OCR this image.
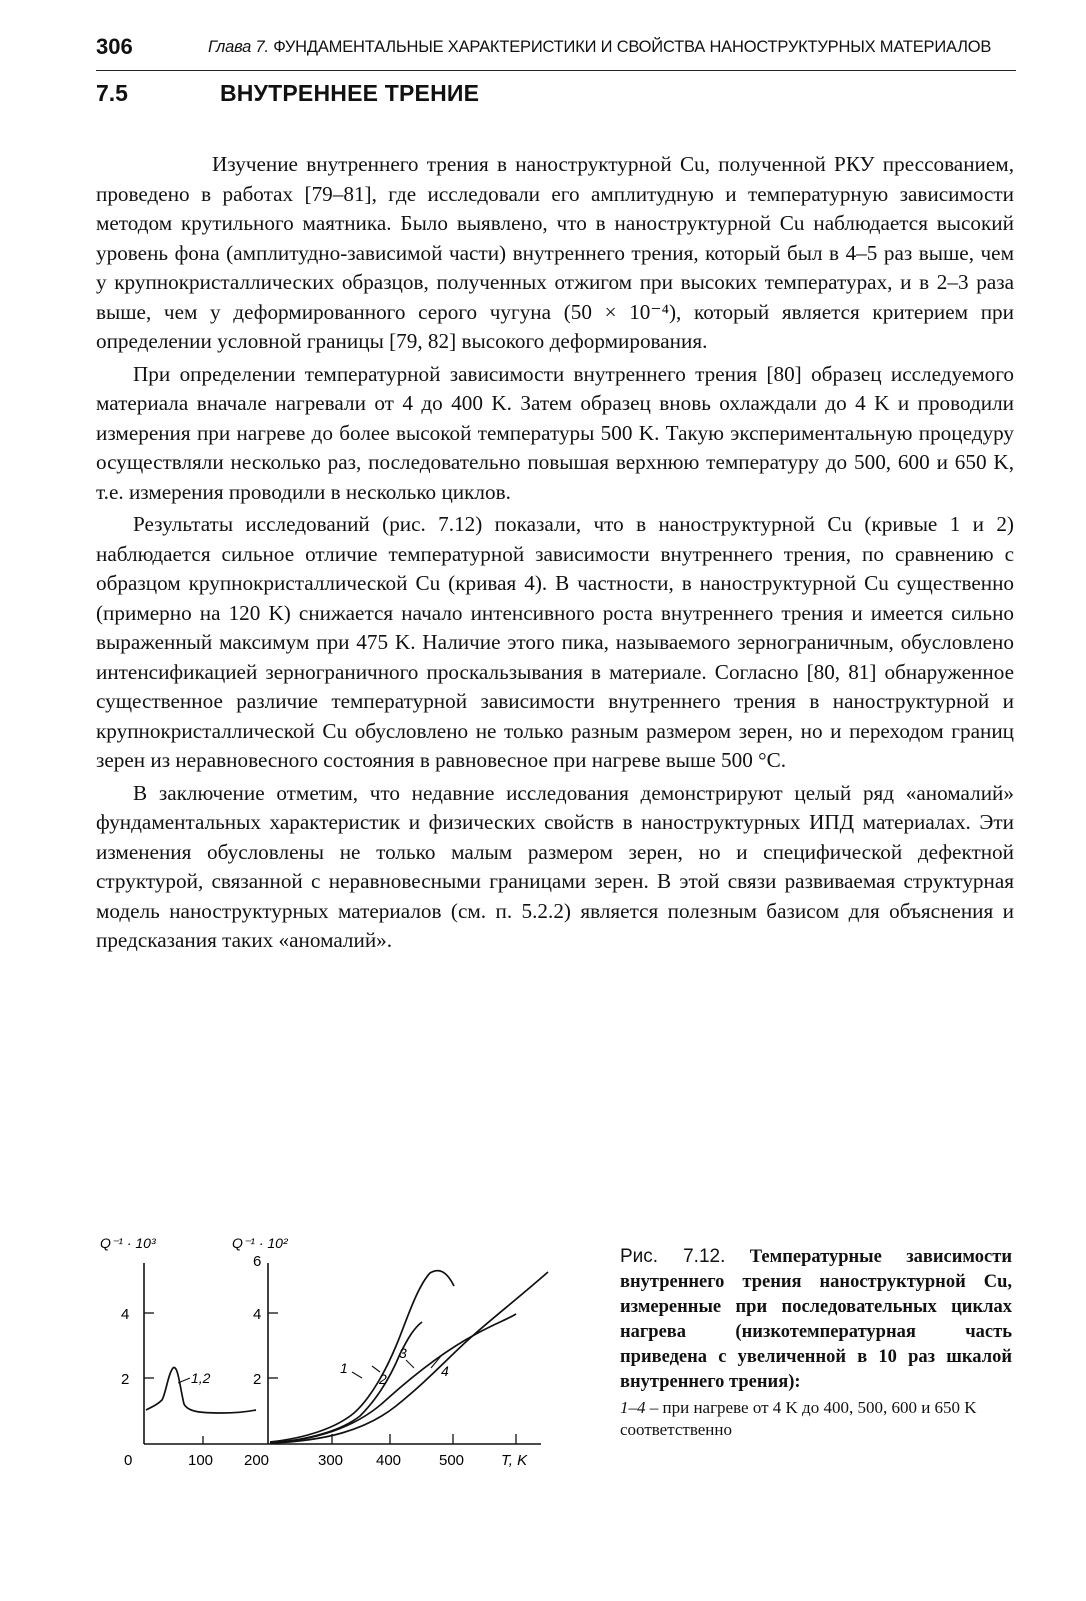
306	Глава 7. ФУНДАМЕНТАЛЬНЫЕ ХАРАКТЕРИСТИКИ И СВОЙСТВА НАНОСТРУКТУРНЫХ МАТЕРИАЛОВ
7.5	ВНУТРЕННЕЕ ТРЕНИЕ

Изучение внутреннего трения в наноструктурной Cu, полученной РКУ прессованием, проведено в работах [79–81], где исследовали его амплитудную и температурную зависимости методом крутильного маятника. Было выявлено, что в наноструктурной Cu наблюдается высокий уровень фона (амплитудно-зависимой части) внутреннего трения, который был в 4–5 раз выше, чем у крупнокристаллических образцов, полученных отжигом при высоких температурах, и в 2–3 раза выше, чем у деформированного серого чугуна (50 × 10⁻⁴), который является критерием при определении условной границы [79, 82] высокого деформирования.

При определении температурной зависимости внутреннего трения [80] образец исследуемого материала вначале нагревали от 4 до 400 K. Затем образец вновь охлаждали до 4 K и проводили измерения при нагреве до более высокой температуры 500 K. Такую экспериментальную процедуру осуществляли несколько раз, последовательно повышая верхнюю температуру до 500, 600 и 650 K, т.е. измерения проводили в несколько циклов.

Результаты исследований (рис. 7.12) показали, что в наноструктурной Cu (кривые 1 и 2) наблюдается сильное отличие температурной зависимости внутреннего трения, по сравнению с образцом крупнокристаллической Cu (кривая 4). В частности, в наноструктурной Cu существенно (примерно на 120 K) снижается начало интенсивного роста внутреннего трения и имеется сильно выраженный максимум при 475 K. Наличие этого пика, называемого зернограничным, обусловлено интенсификацией зернограничного проскальзывания в материале. Согласно [80, 81] обнаруженное существенное различие температурной зависимости внутреннего трения в наноструктурной и крупнокристаллической Cu обусловлено не только разным размером зерен, но и переходом границ зерен из неравновесного состояния в равновесное при нагреве выше 500 °C.

В заключение отметим, что недавние исследования демонстрируют целый ряд «аномалий» фундаментальных характеристик и физических свойств в наноструктурных ИПД материалах. Эти изменения обусловлены не только малым размером зерен, но и специфической дефектной структурой, связанной с неравновесными границами зерен. В этой связи развиваемая структурная модель наноструктурных материалов (см. п. 5.2.2) является полезным базисом для объяснения и предсказания таких «аномалий».

Q⁻¹ · 10³	Q⁻¹ · 10²
2
4
2
4
6
0	100 200	300 400	500 T, K
1,2
1
2
3
4
Рис. 7.12. Температурные зависимости внутреннего трения наноструктурной Cu, измеренные при последовательных циклах нагрева (низкотемпературная часть приведена с увеличенной в 10 раз шкалой внутреннего трения):
1–4 – при нагреве от 4 K до 400, 500, 600 и 650 K соответственно
